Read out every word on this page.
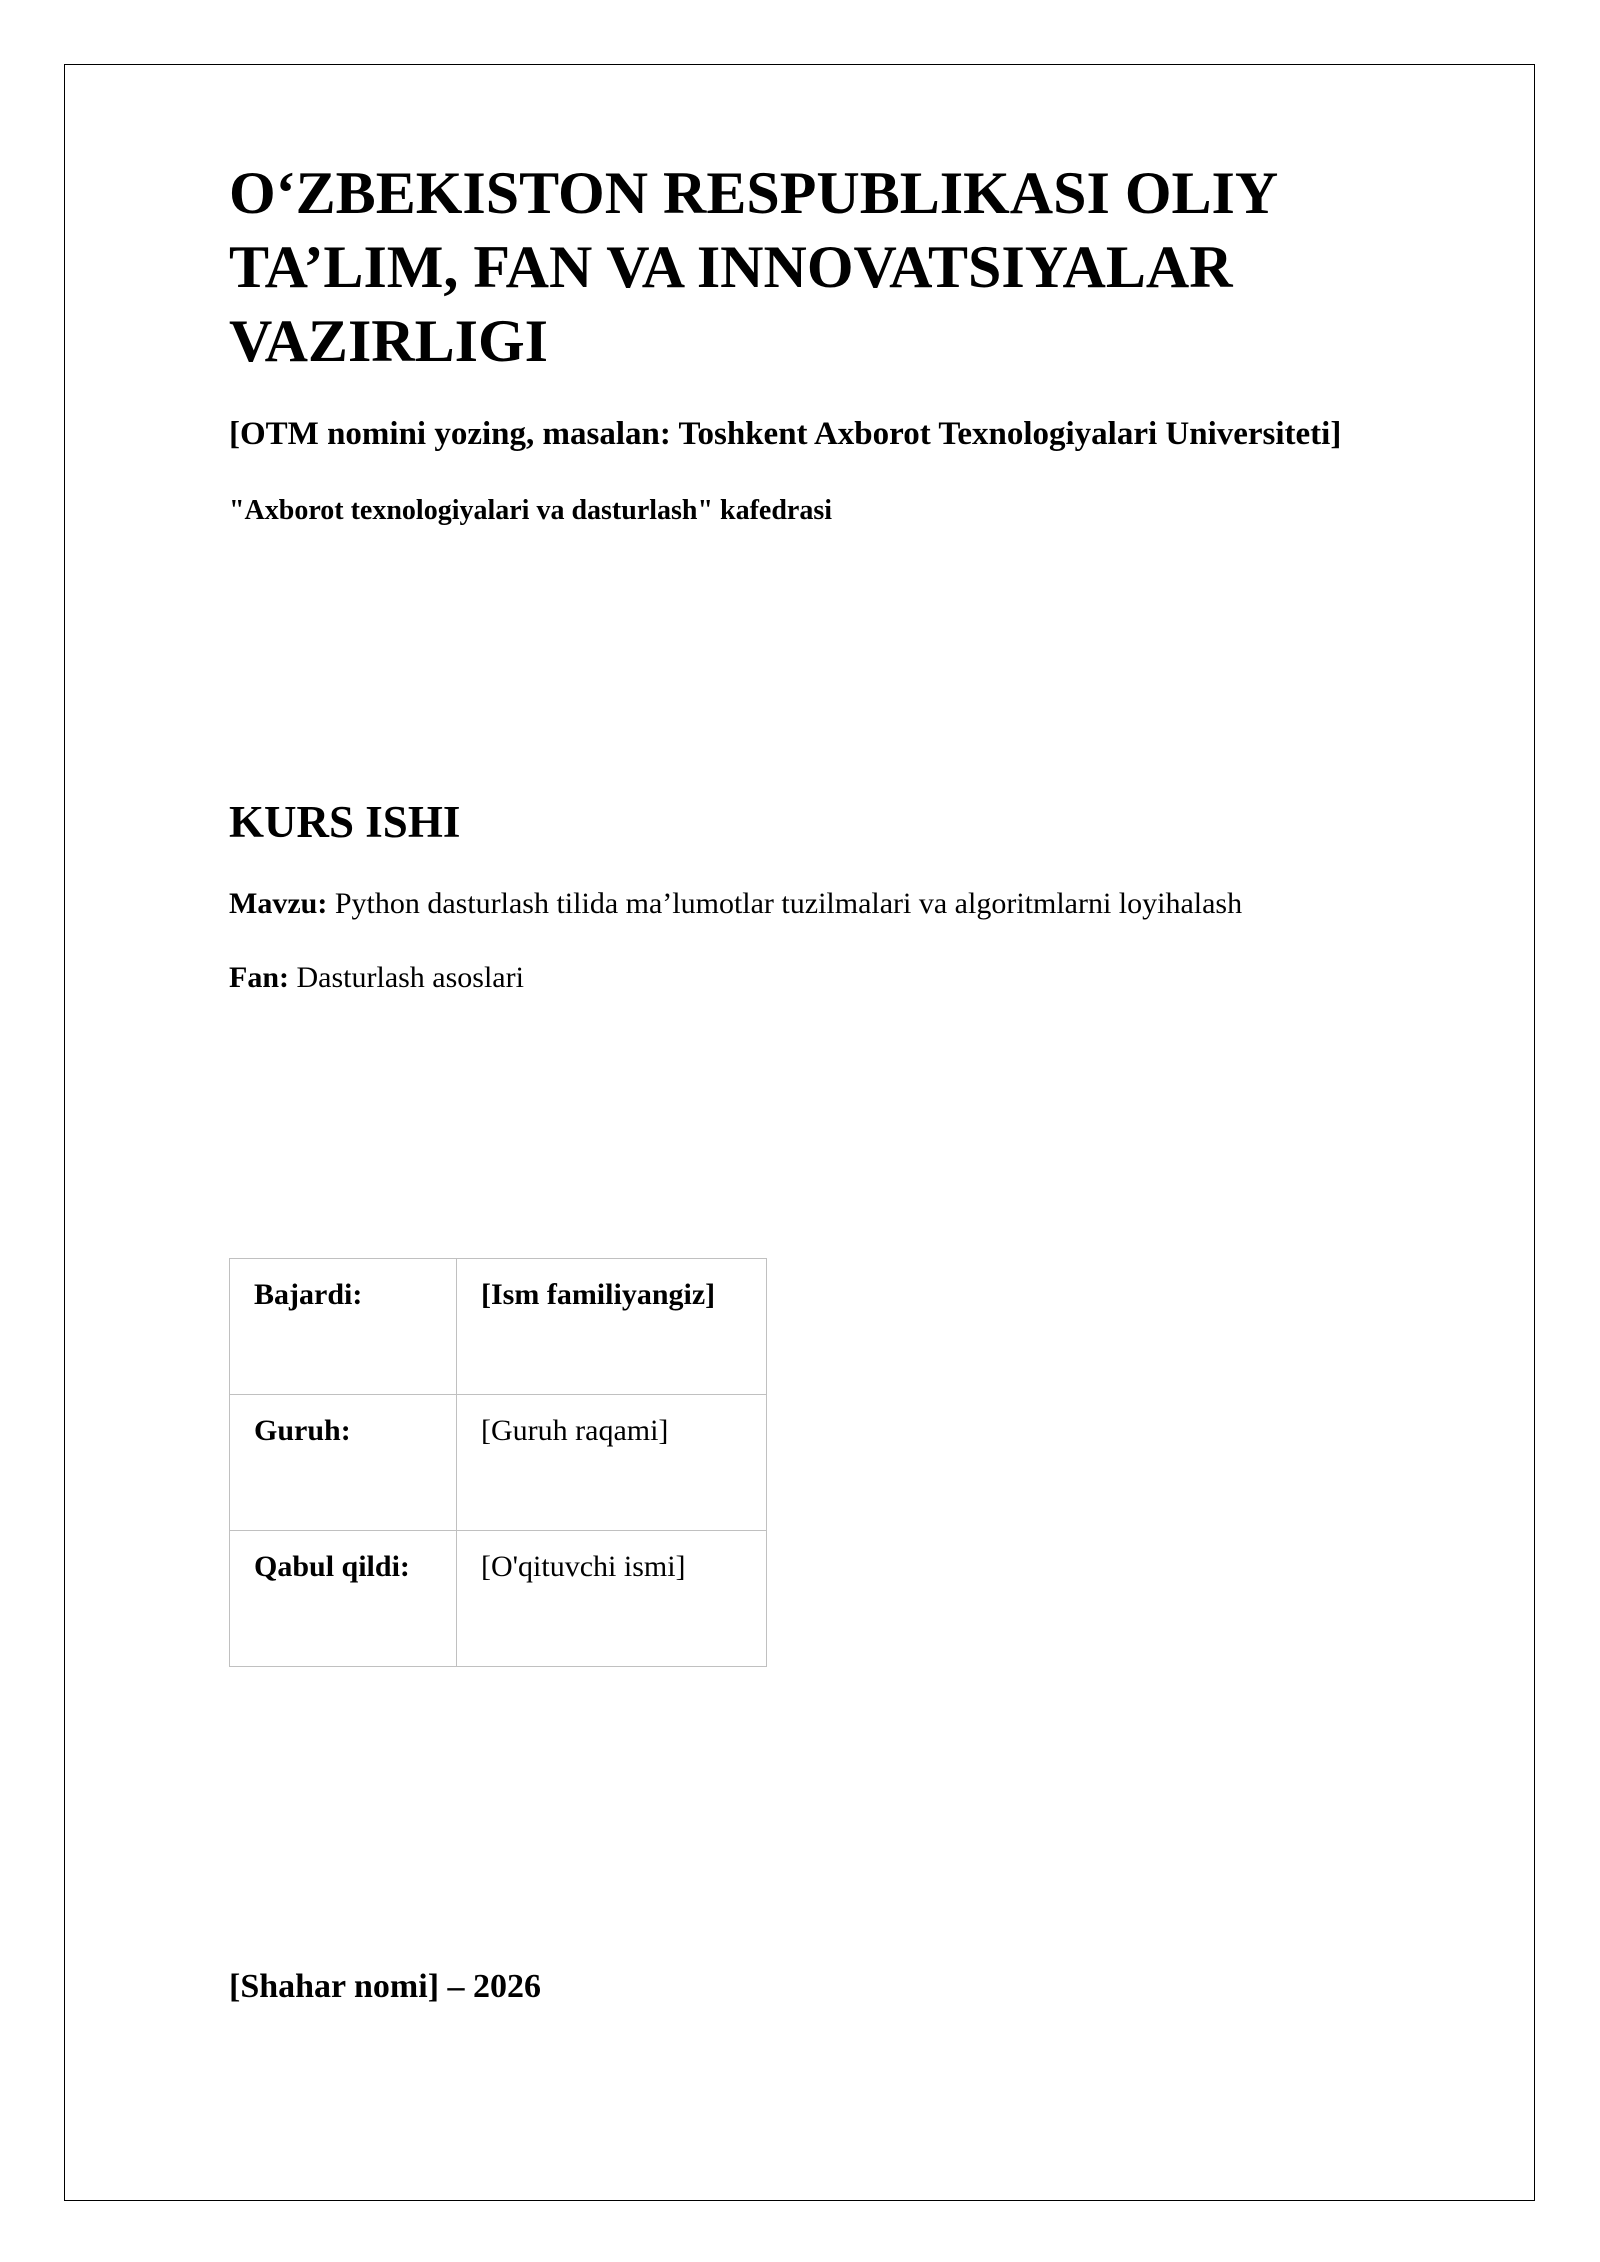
O‘ZBEKISTON RESPUBLIKASI OLIY TA’LIM, FAN VA INNOVATSIYALAR VAZIRLIGI

[OTM nomini yozing, masalan: Toshkent Axborot Texnologiyalari Universiteti]

"Axborot texnologiyalari va dasturlash" kafedrasi

KURS ISHI

Mavzu: Python dasturlash tilida ma’lumotlar tuzilmalari va algoritmlarni loyihalash

Fan: Dasturlash asoslari

Bajardi:	[Ism familiyangiz]
Guruh:	[Guruh raqami]
Qabul qildi:	[O'qituvchi ismi]

[Shahar nomi] – 2026
